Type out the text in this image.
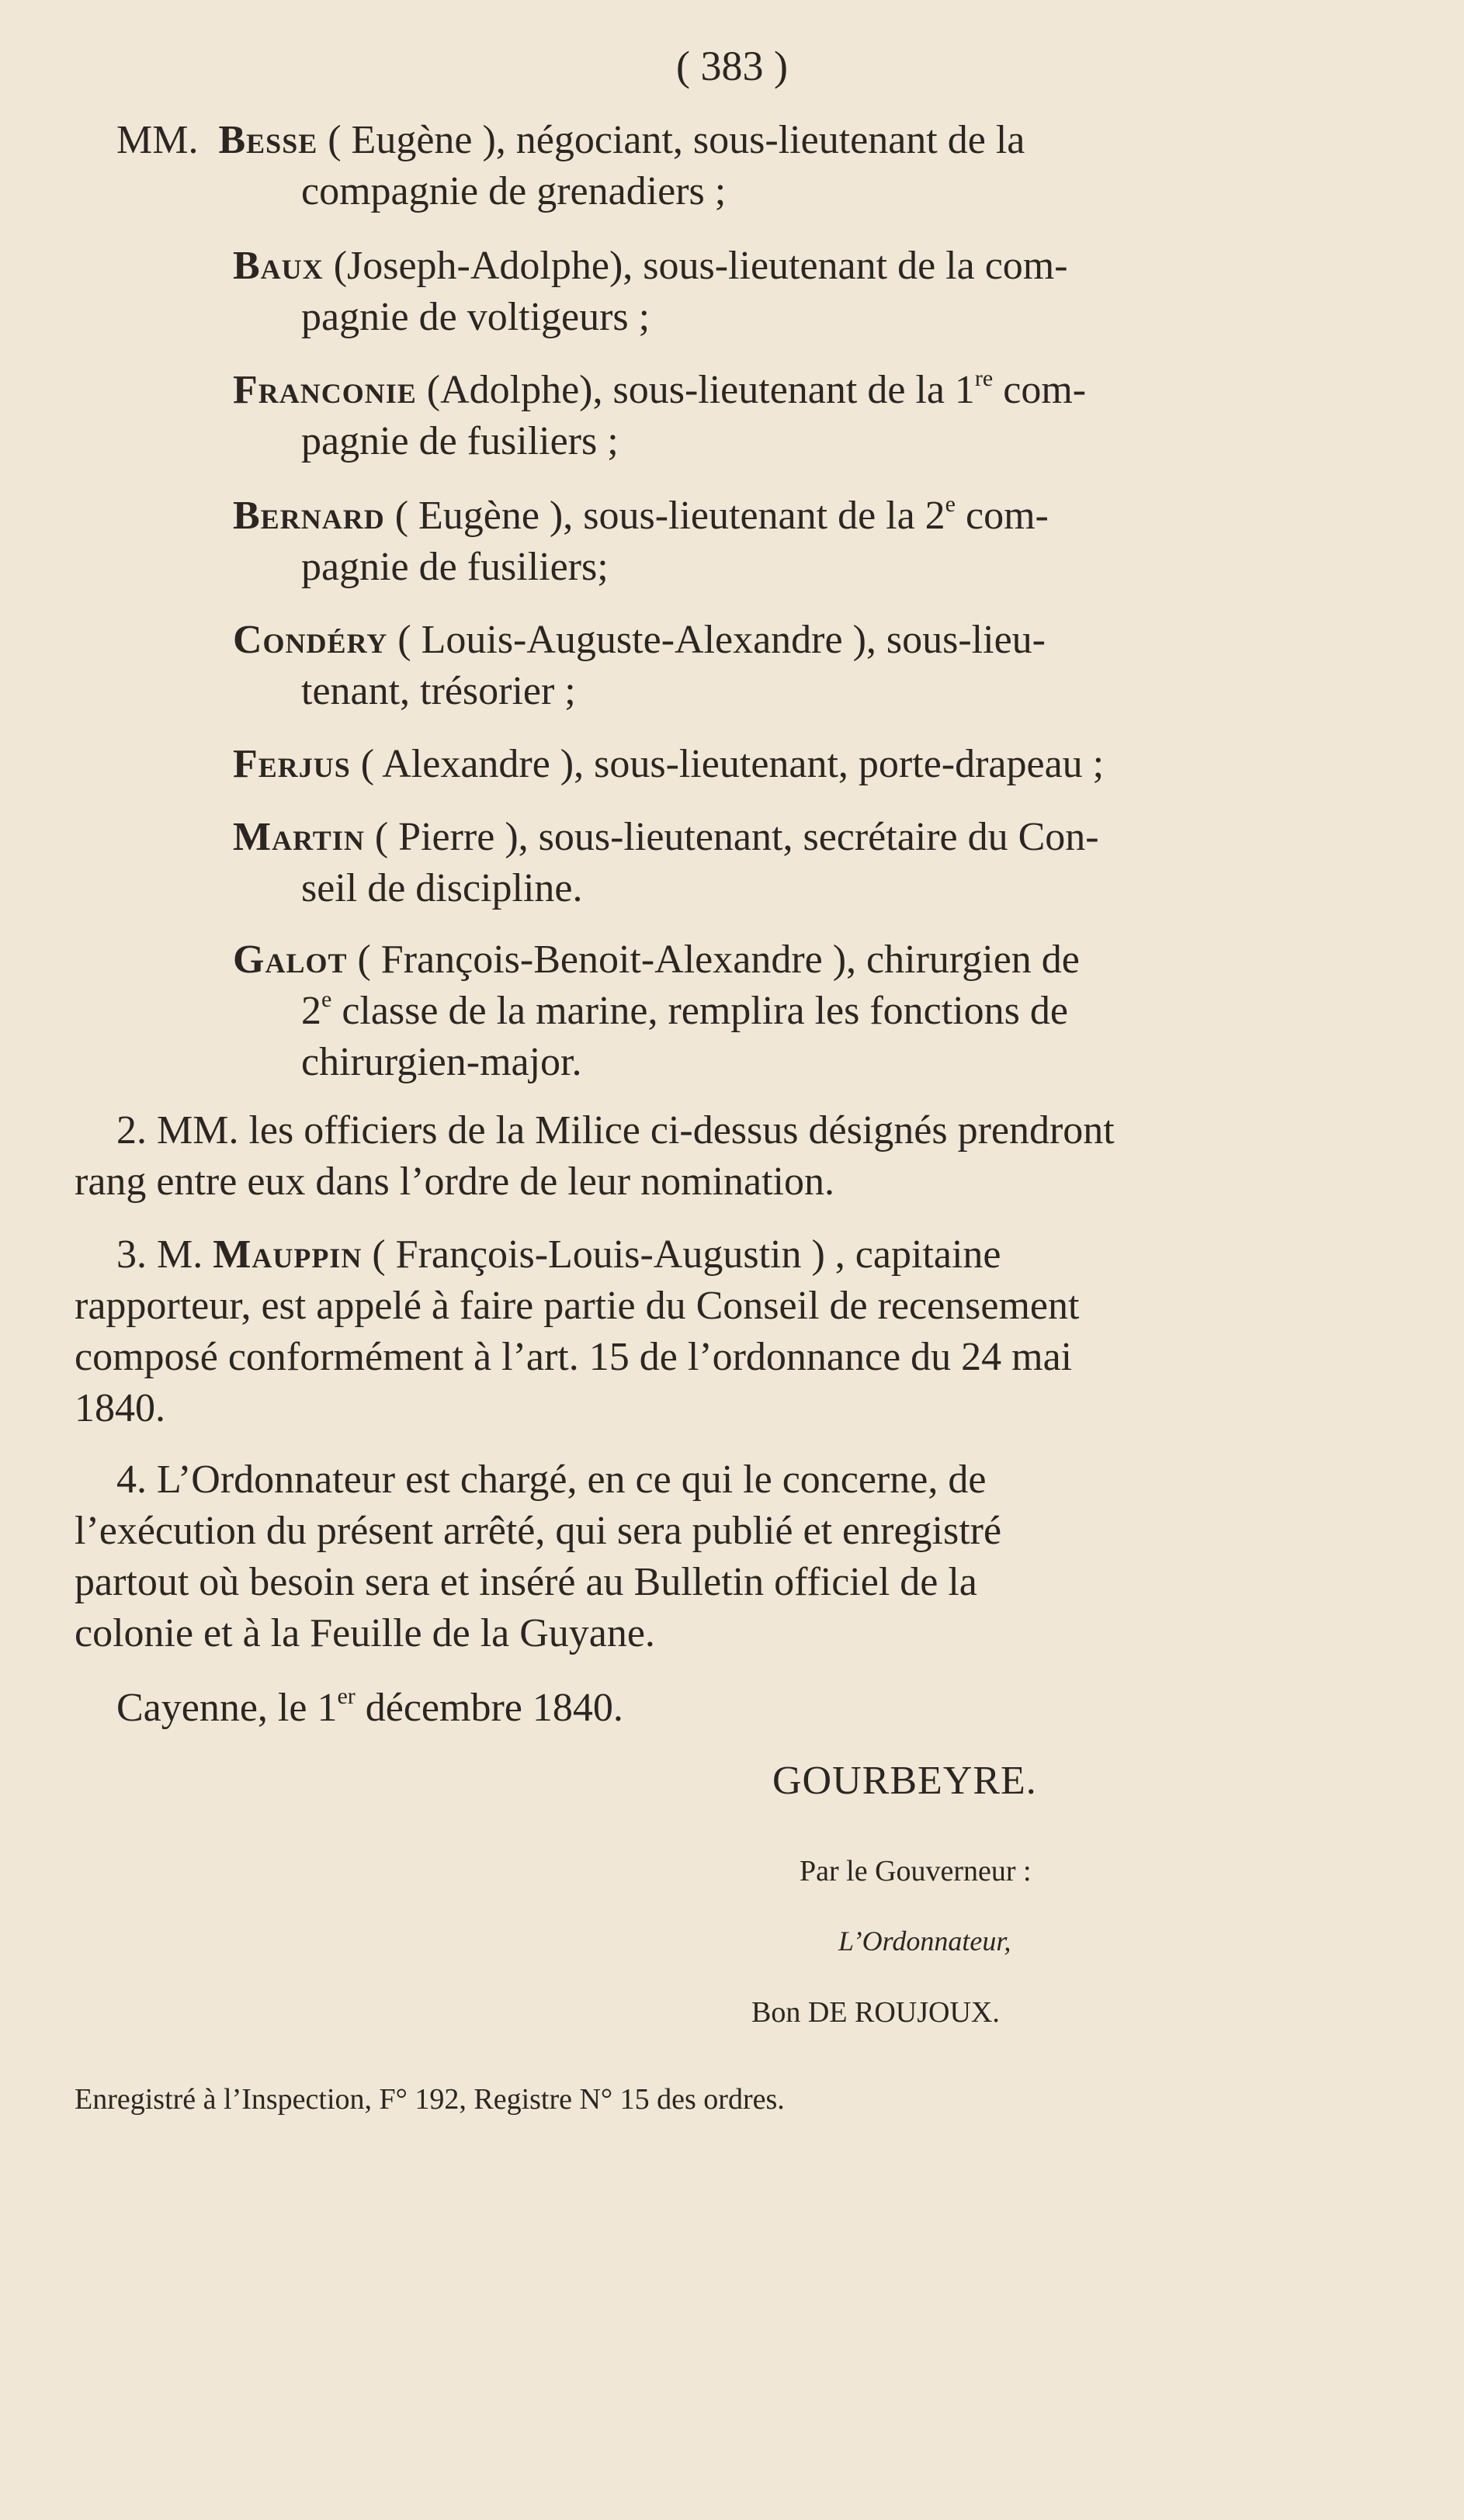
( 383 )

MM. Besse ( Eugène ), négociant, sous-lieutenant de la

compagnie de grenadiers ;

Baux (Joseph-Adolphe), sous-lieutenant de la com-

pagnie de voltigeurs ;

Franconie (Adolphe), sous-lieutenant de la 1re com-

pagnie de fusiliers ;

Bernard ( Eugène ), sous-lieutenant de la 2e com-

pagnie de fusiliers;

Condéry ( Louis-Auguste-Alexandre ), sous-lieu-

tenant, trésorier ;

Ferjus ( Alexandre ), sous-lieutenant, porte-drapeau ;

Martin ( Pierre ), sous-lieutenant, secrétaire du Con-

seil de discipline.

Galot ( François-Benoit-Alexandre ), chirurgien de

2e classe de la marine, remplira les fonctions de

chirurgien-major.

2. MM. les officiers de la Milice ci-dessus désignés prendront

rang entre eux dans l’ordre de leur nomination.

3. M. Mauppin ( François-Louis-Augustin ) , capitaine

rapporteur, est appelé à faire partie du Conseil de recensement

composé conformément à l’art. 15 de l’ordonnance du 24 mai

1840.

4. L’Ordonnateur est chargé, en ce qui le concerne, de

l’exécution du présent arrêté, qui sera publié et enregistré

partout où besoin sera et inséré au Bulletin officiel de la

colonie et à la Feuille de la Guyane.

Cayenne, le 1er décembre 1840.

GOURBEYRE.

Par le Gouverneur :

L’Ordonnateur,

Bon DE ROUJOUX.

Enregistré à l’Inspection, F° 192, Registre N° 15 des ordres.
